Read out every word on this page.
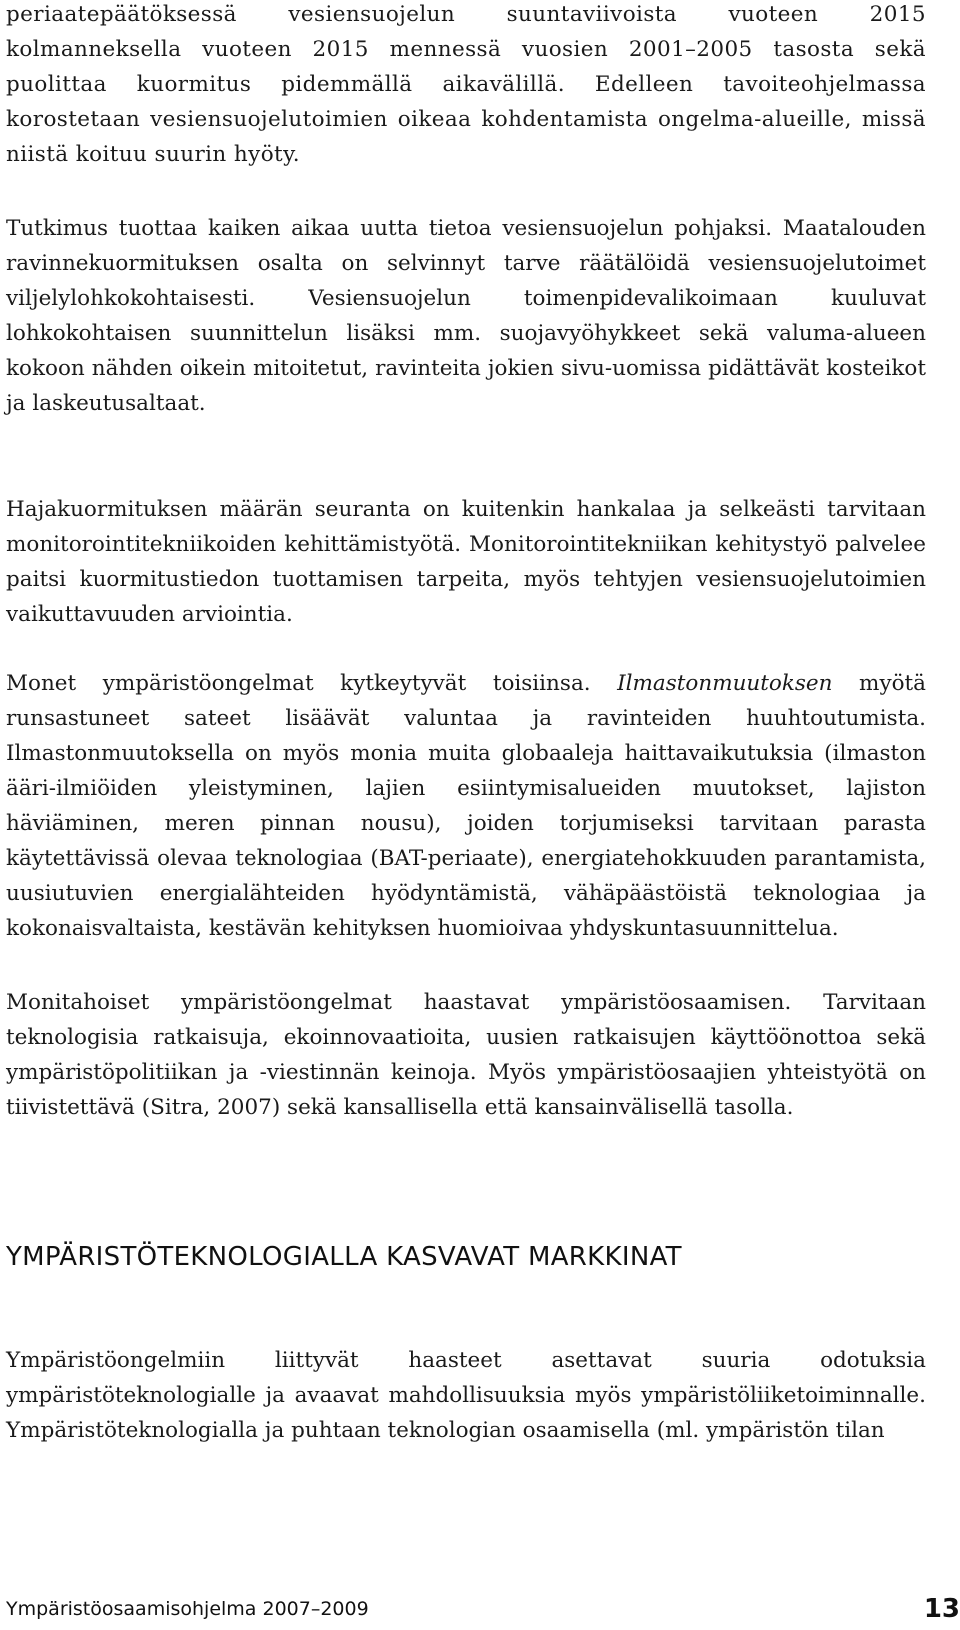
periaatepäätöksessä vesiensuojelun suuntaviivoista vuoteen 2015 kolmanneksella vuoteen 2015 mennessä vuosien 2001–2005 tasosta sekä puolittaa kuormitus pidemmällä aikavälillä. Edelleen tavoiteohjelmassa korostetaan vesiensuojelutoimien oikeaa kohdentamista ongelma-alueille, missä niistä koituu suurin hyöty.

Tutkimus tuottaa kaiken aikaa uutta tietoa vesiensuojelun pohjaksi. Maatalouden ravinnekuormituksen osalta on selvinnyt tarve räätälöidä vesiensuojelutoimet viljelylohkokohtaisesti. Vesiensuojelun toimenpidevalikoimaan kuuluvat lohkokohtaisen suunnittelun lisäksi mm. suojavyöhykkeet sekä valuma-alueen kokoon nähden oikein mitoitetut, ravinteita jokien sivu-uomissa pidättävät kosteikot ja laskeutusaltaat.

Hajakuormituksen määrän seuranta on kuitenkin hankalaa ja selkeästi tarvitaan monitorointitekniikoiden kehittämistyötä. Monitorointitekniikan kehitystyö palvelee paitsi kuormitustiedon tuottamisen tarpeita, myös tehtyjen vesiensuojelutoimien vaikuttavuuden arviointia.

Monet ympäristöongelmat kytkeytyvät toisiinsa. Ilmastonmuutoksen myötä runsastuneet sateet lisäävät valuntaa ja ravinteiden huuhtoutumista. Ilmastonmuutoksella on myös monia muita globaaleja haittavaikutuksia (ilmaston ääri-ilmiöiden yleistyminen, lajien esiintymisalueiden muutokset, lajiston häviäminen, meren pinnan nousu), joiden torjumiseksi tarvitaan parasta käytettävissä olevaa teknologiaa (BAT-periaate), energiatehokkuuden parantamista, uusiutuvien energialähteiden hyödyntämistä, vähäpäästöistä teknologiaa ja kokonaisvaltaista, kestävän kehityksen huomioivaa yhdyskuntasuunnittelua.

Monitahoiset ympäristöongelmat haastavat ympäristöosaamisen. Tarvitaan teknologisia ratkaisuja, ekoinnovaatioita, uusien ratkaisujen käyttöönottoa sekä ympäristöpolitiikan ja -viestinnän keinoja. Myös ympäristöosaajien yhteistyötä on tiivistettävä (Sitra, 2007) sekä kansallisella että kansainvälisellä tasolla.

YMPÄRISTÖTEKNOLOGIALLA KASVAVAT MARKKINAT

Ympäristöongelmiin liittyvät haasteet asettavat suuria odotuksia ympäristöteknologialle ja avaavat mahdollisuuksia myös ympäristöliiketoiminnalle. Ympäristöteknologialla ja puhtaan teknologian osaamisella (ml. ympäristön tilan

Ympäristöosaamisohjelma 2007–2009	13
